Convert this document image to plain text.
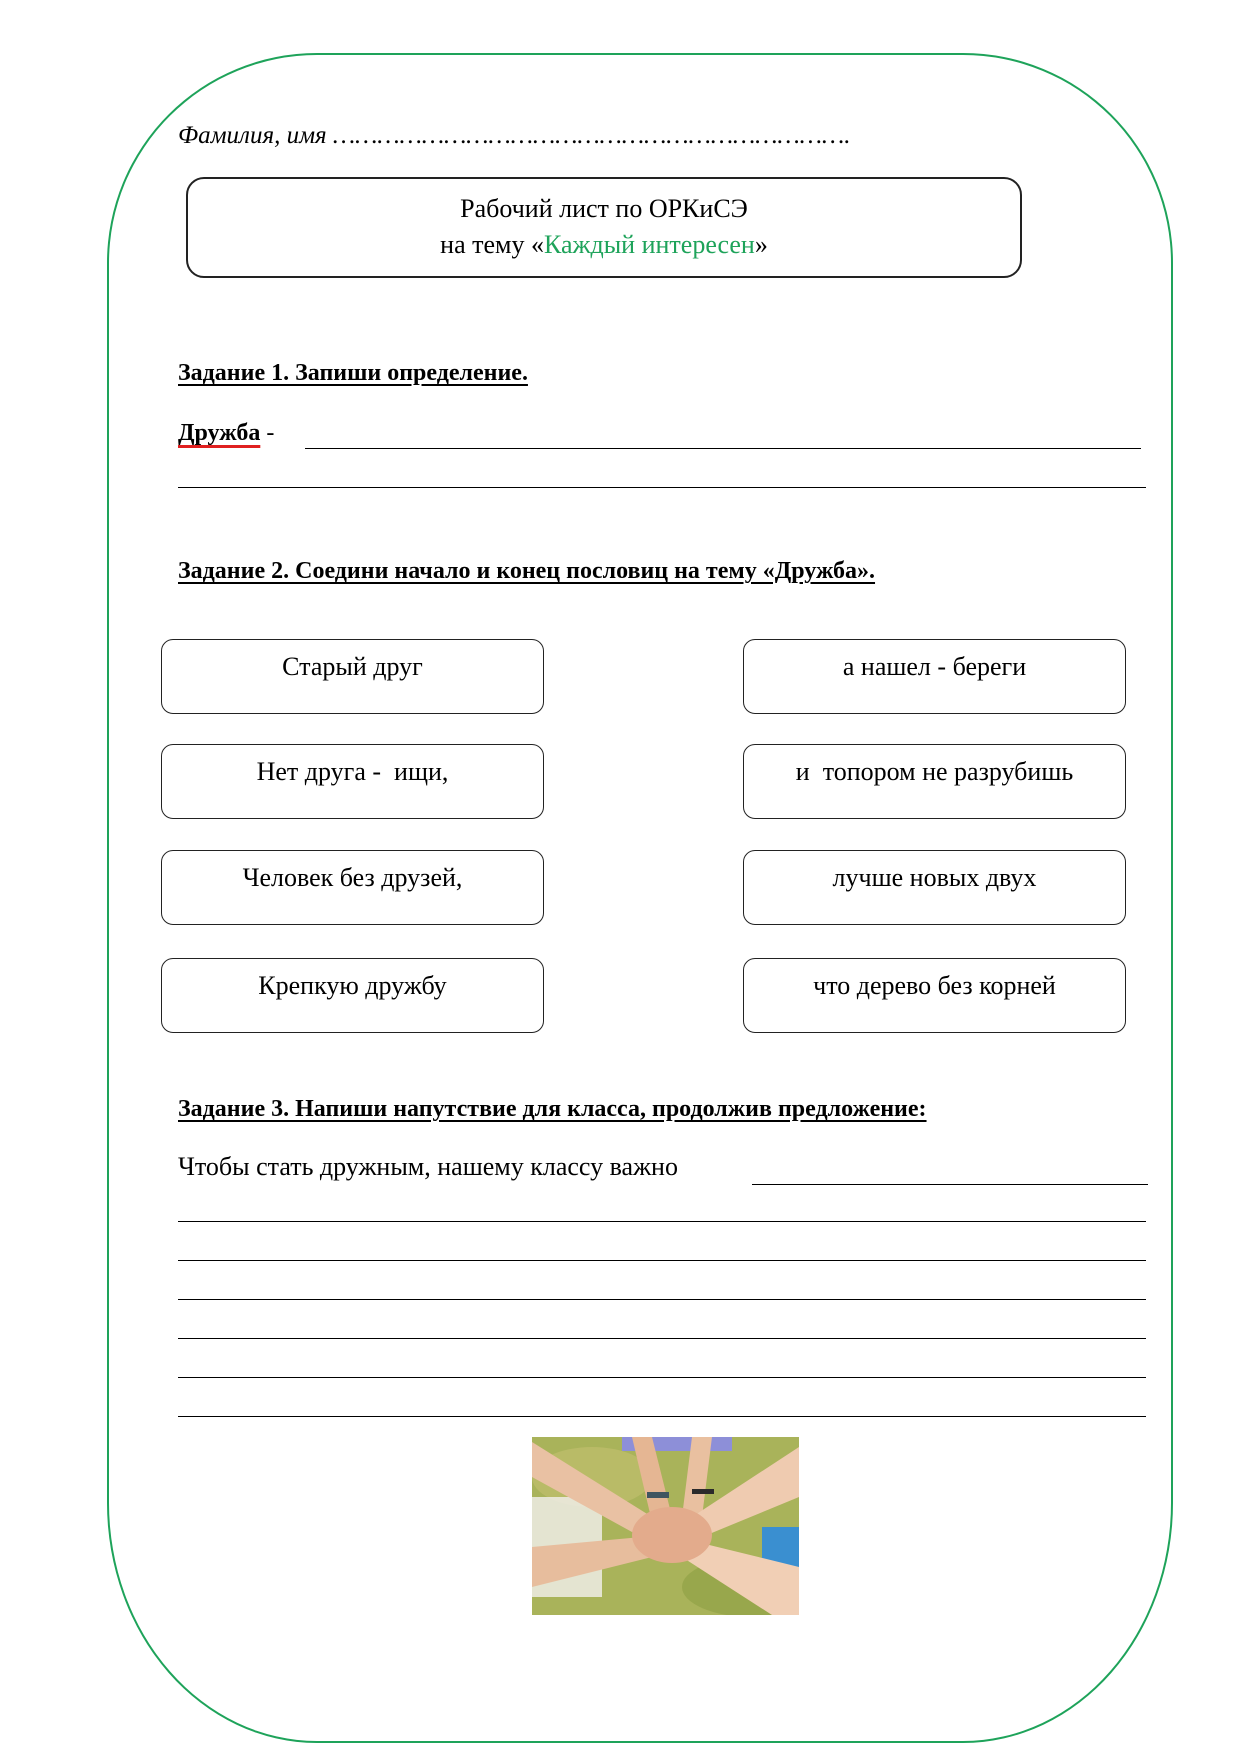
Фамилия, имя …………………………………………………………….
Рабочий лист по ОРКиСЭ
на тему «Каждый интересен»
Задание 1. Запиши определение.
Дружба -
Задание 2. Соедини начало и конец пословиц на тему «Дружба».
Старый друг
Нет друга -  ищи,
Человек без друзей,
Крепкую дружбу
а нашел - береги
и  топором не разрубишь
лучше новых двух
что дерево без корней
Задание 3. Напиши напутствие для класса, продолжив предложение:
Чтобы стать дружным, нашему классу важно
